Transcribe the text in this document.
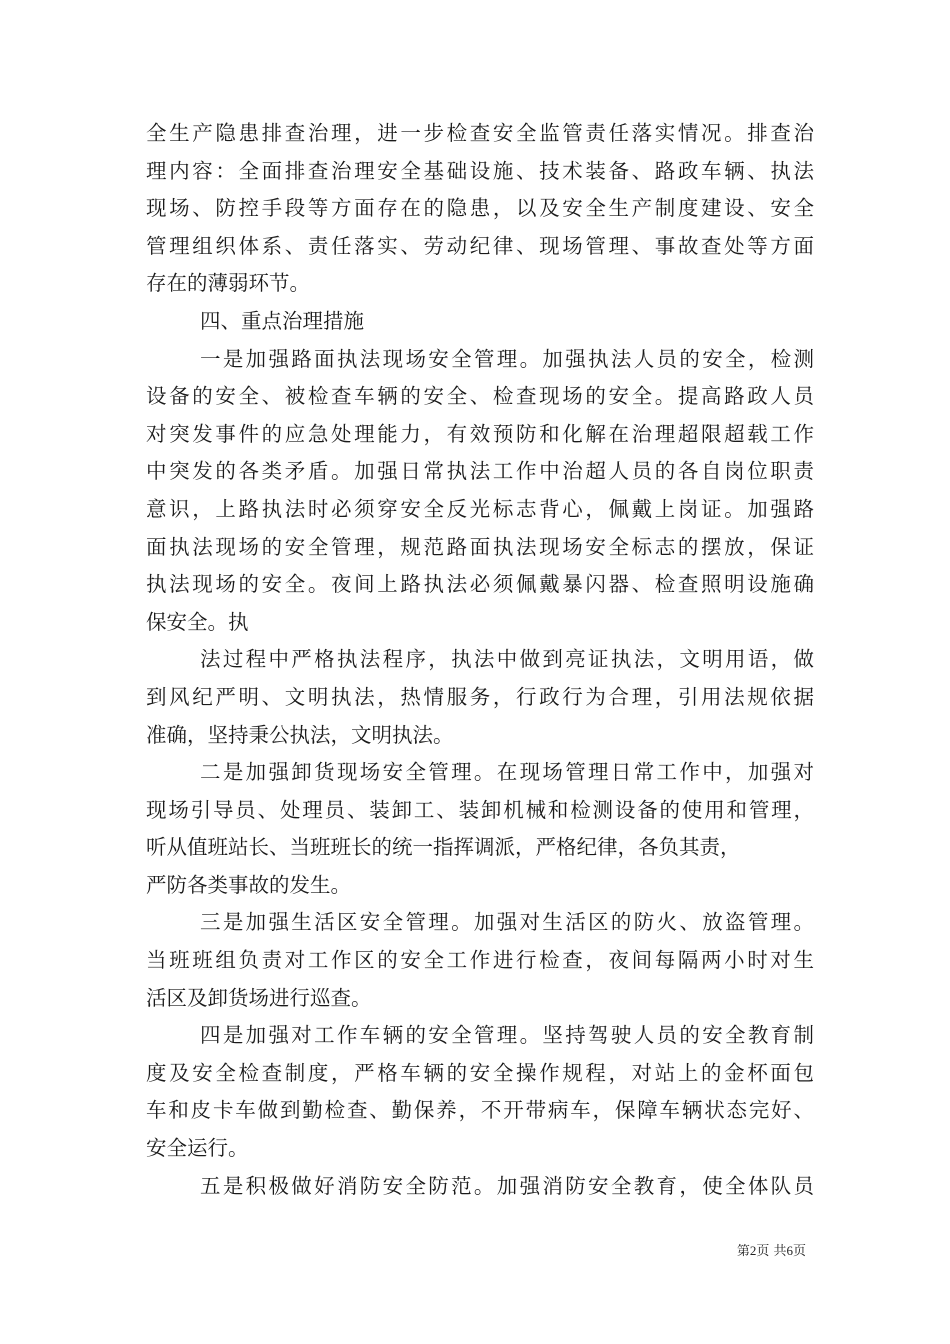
全生产隐患排查治理，进一步检查安全监管责任落实情况。排查治
理内容：全面排查治理安全基础设施、技术装备、路政车辆、执法
现场、防控手段等方面存在的隐患，以及安全生产制度建设、安全
管理组织体系、责任落实、劳动纪律、现场管理、事故查处等方面
存在的薄弱环节。
四、重点治理措施
一是加强路面执法现场安全管理。加强执法人员的安全，检测
设备的安全、被检查车辆的安全、检查现场的安全。提高路政人员
对突发事件的应急处理能力，有效预防和化解在治理超限超载工作
中突发的各类矛盾。加强日常执法工作中治超人员的各自岗位职责
意识，上路执法时必须穿安全反光标志背心，佩戴上岗证。加强路
面执法现场的安全管理，规范路面执法现场安全标志的摆放，保证
执法现场的安全。夜间上路执法必须佩戴暴闪器、检查照明设施确
保安全。执
法过程中严格执法程序，执法中做到亮证执法，文明用语，做
到风纪严明、文明执法，热情服务，行政行为合理，引用法规依据
准确，坚持秉公执法，文明执法。
二是加强卸货现场安全管理。在现场管理日常工作中，加强对
现场引导员、处理员、装卸工、装卸机械和检测设备的使用和管理，
听从值班站长、当班班长的统一指挥调派，严格纪律，各负其责，
严防各类事故的发生。
三是加强生活区安全管理。加强对生活区的防火、放盗管理。
当班班组负责对工作区的安全工作进行检查，夜间每隔两小时对生
活区及卸货场进行巡查。
四是加强对工作车辆的安全管理。坚持驾驶人员的安全教育制
度及安全检查制度，严格车辆的安全操作规程，对站上的金杯面包
车和皮卡车做到勤检查、勤保养，不开带病车，保障车辆状态完好、
安全运行。
五是积极做好消防安全防范。加强消防安全教育，使全体队员
第2页 共6页
